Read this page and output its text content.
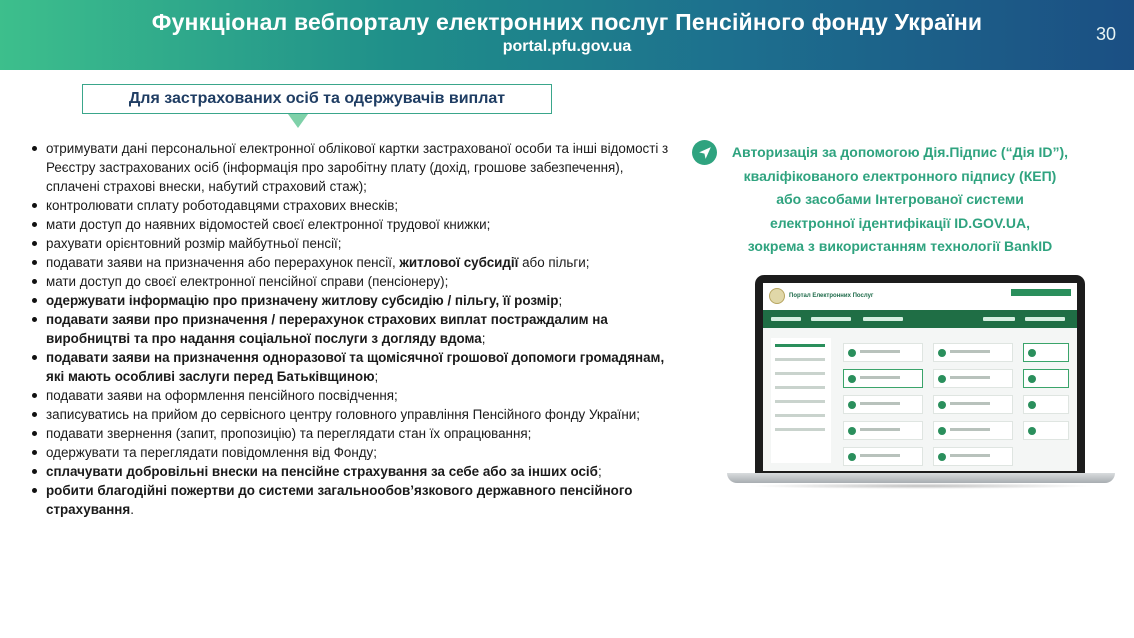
Функціонал вебпорталу електронних послуг Пенсійного фонду України
portal.pfu.gov.ua
30
Для застрахованих осіб та одержувачів виплат
отримувати дані персональної електронної облікової картки застрахованої особи та інші відомості з Реєстру застрахованих осіб (інформація про заробітну плату (дохід, грошове забезпечення), сплачені страхові внески, набутий страховий стаж);
контролювати сплату роботодавцями страхових внесків;
мати доступ до наявних відомостей своєї електронної трудової книжки;
рахувати орієнтовний розмір майбутньої пенсії;
подавати заяви на призначення або перерахунок пенсії, житлової субсидії або пільги;
мати доступ до своєї електронної пенсійної справи (пенсіонеру);
одержувати інформацію про призначену житлову субсидію / пільгу, її розмір;
подавати заяви про призначення / перерахунок страхових виплат постраждалим на виробництві та про надання соціальної послуги з догляду вдома;
подавати заяви на призначення одноразової та щомісячної грошової допомоги громадянам, які мають особливі заслуги перед Батьківщиною;
подавати заяви на оформлення пенсійного посвідчення;
записуватись на прийом до сервісного центру головного управління Пенсійного фонду України;
подавати звернення (запит, пропозицію) та переглядати стан їх опрацювання;
одержувати та переглядати повідомлення від Фонду;
сплачувати добровільні внески на пенсійне страхування за себе або за інших осіб;
робити благодійні пожертви до системи загальнообов’язкового державного пенсійного страхування.
Авторизація за допомогою Дія.Підпис (“Дія ID”),
кваліфікованого електронного підпису (КЕП)
або засобами Інтегрованої системи
електронної ідентифікації ID.GOV.UA,
зокрема з використанням технології BankID
Портал Електронних Послуг
